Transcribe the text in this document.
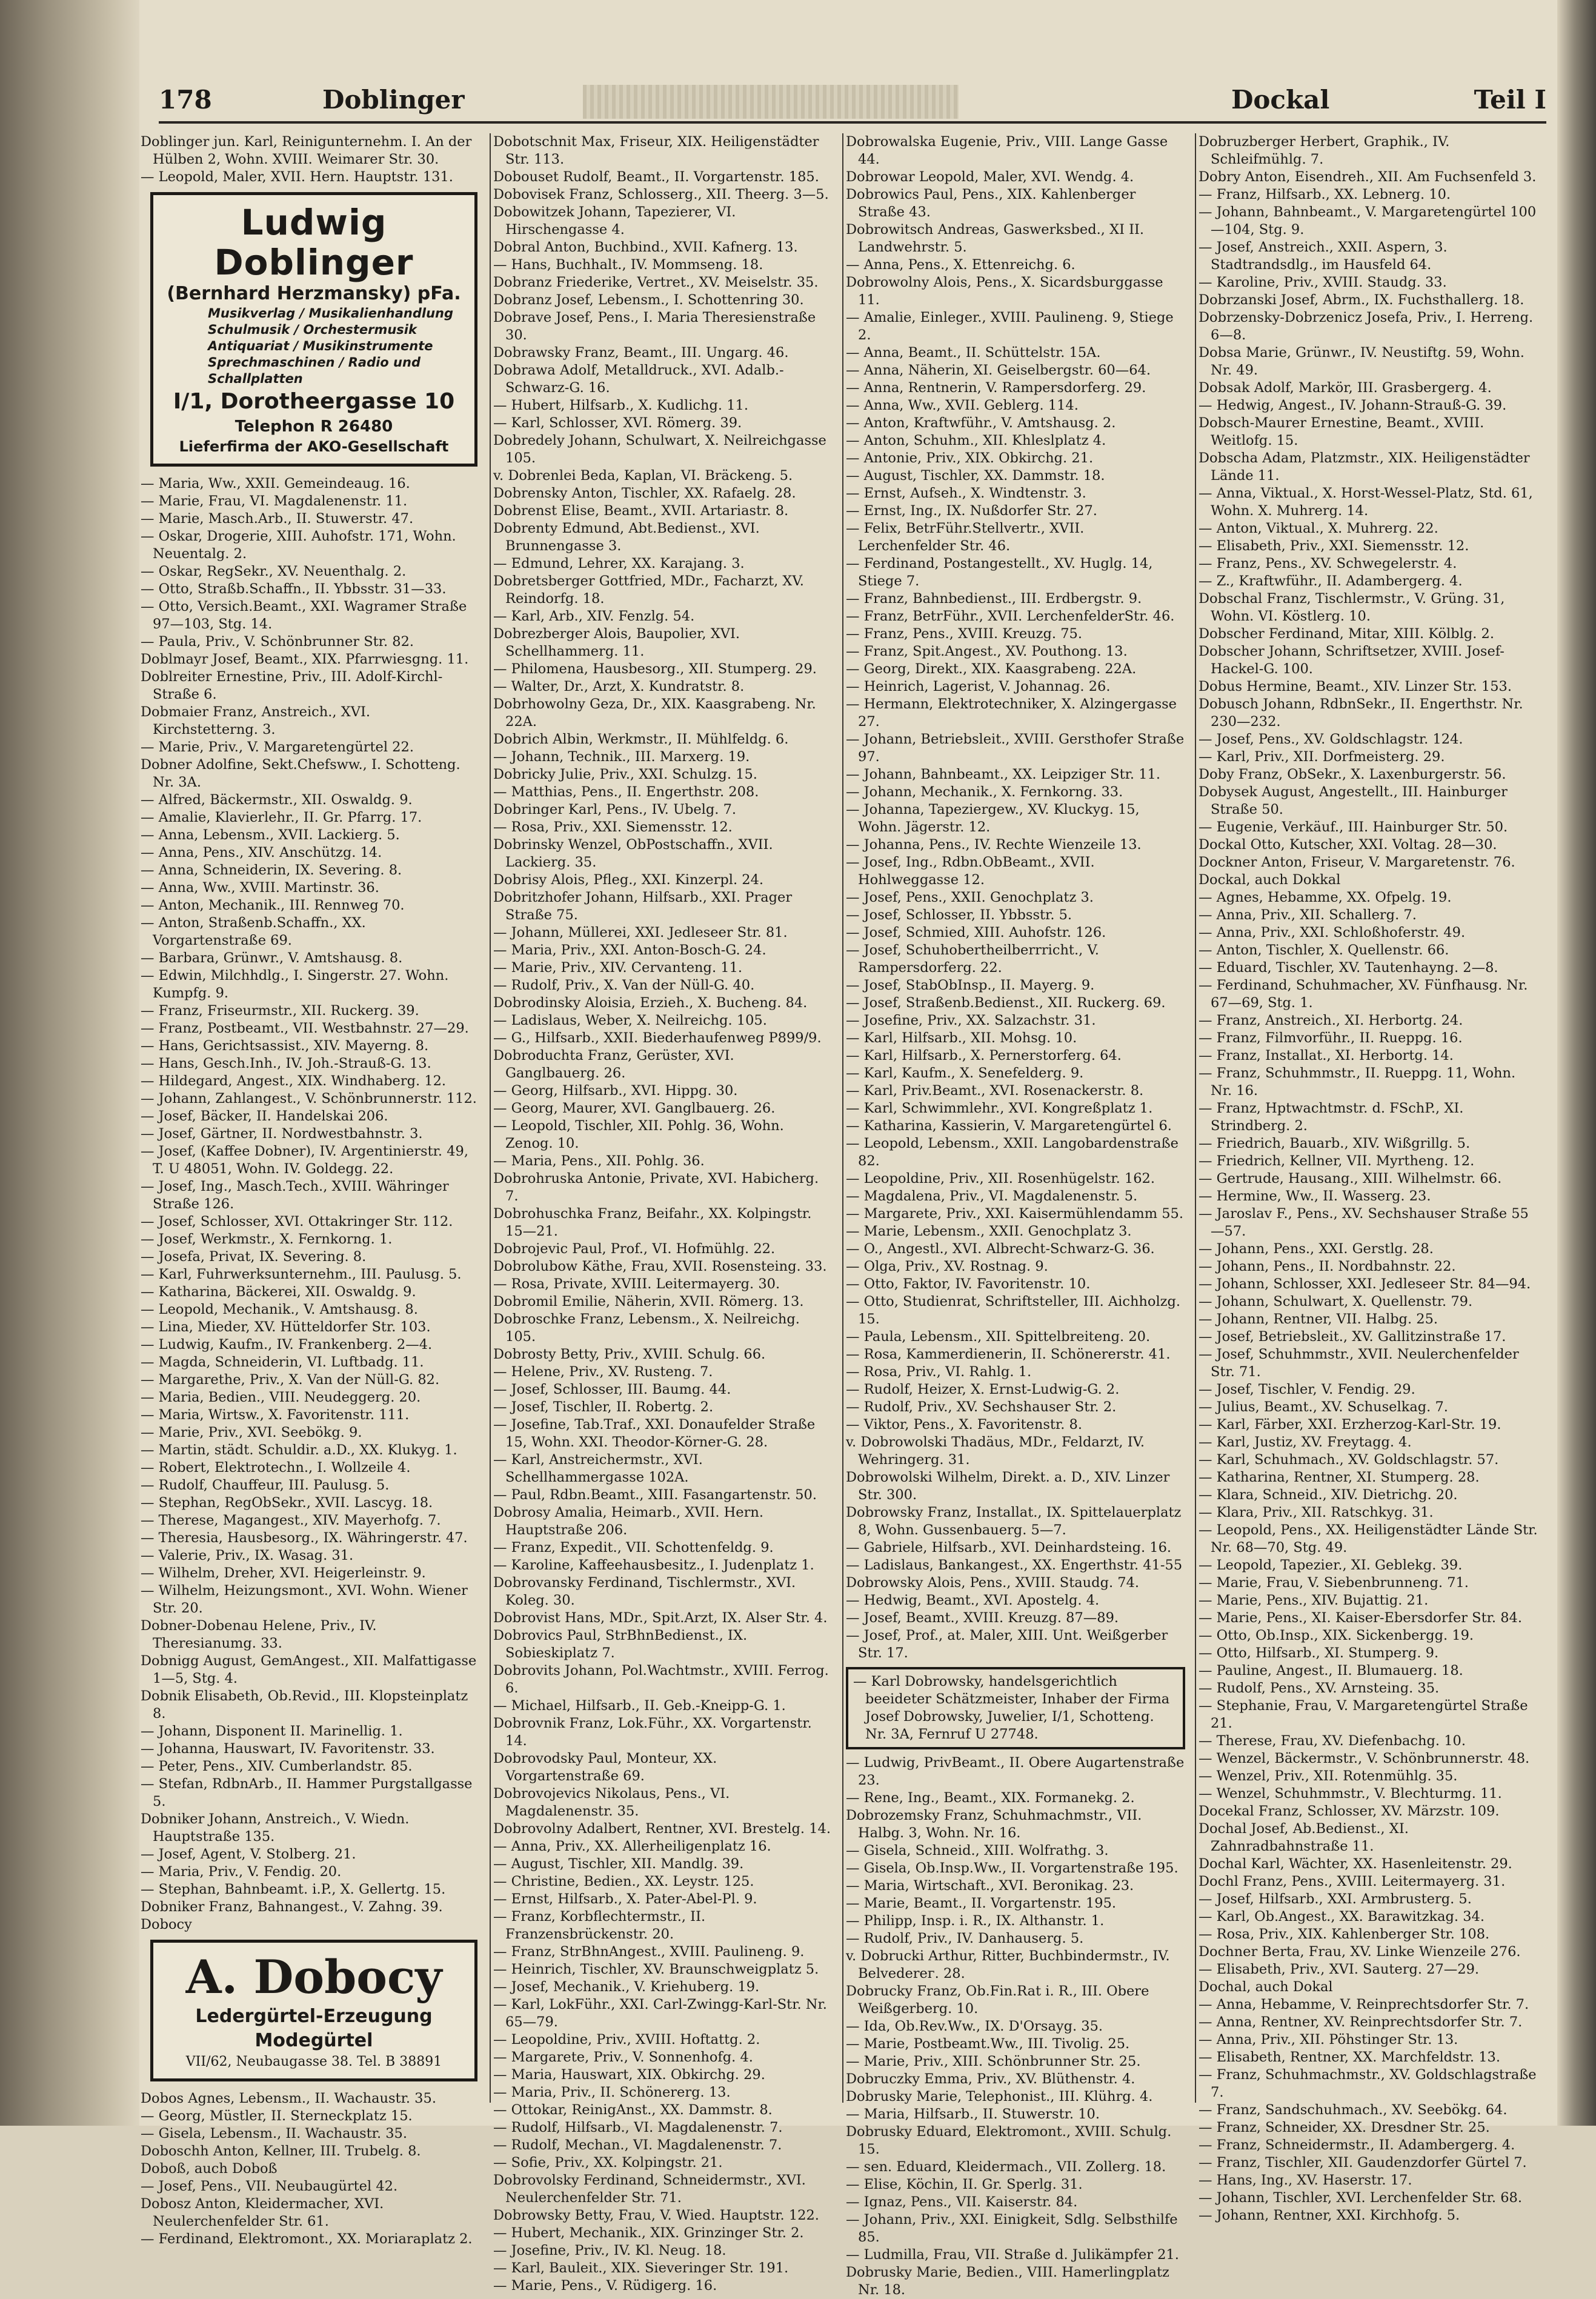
178	Doblinger	Dockal	Teil I

Doblinger jun. Karl, Reinigunternehm. I. An der Hülben 2, Wohn. XVIII. Weimarer Str. 30.

— Leopold, Maler, XVII. Hern. Hauptstr. 131.

Ludwig Doblinger
(Bernhard Herzmansky) pFa.
Musikverlag / Musikalienhandlung
Schulmusik / Orchestermusik
Antiquariat / Musikinstrumente
Sprechmaschinen / Radio und
Schallplatten
I/1, Dorotheergasse 10
Telephon R 26480
Lieferfirma der AKO-Gesellschaft

— Maria, Ww., XXII. Gemeindeaug. 16.

— Marie, Frau, VI. Magdalenenstr. 11.

— Marie, Masch.Arb., II. Stuwerstr. 47.

— Oskar, Drogerie, XIII. Auhofstr. 171, Wohn. Neuentalg. 2.

— Oskar, RegSekr., XV. Neuenthalg. 2.

— Otto, Straßb.Schaffn., II. Ybbsstr. 31—33.

— Otto, Versich.Beamt., XXI. Wagramer Straße 97—103, Stg. 14.

— Paula, Priv., V. Schönbrunner Str. 82.

Doblmayr Josef, Beamt., XIX. Pfarrwiesgng. 11.

Doblreiter Ernestine, Priv., III. Adolf-Kirchl-Straße 6.

Dobmaier Franz, Anstreich., XVI. Kirchstetterng. 3.

— Marie, Priv., V. Margaretengürtel 22.

Dobner Adolfine, Sekt.Chefsww., I. Schotteng. Nr. 3A.

— Alfred, Bäckermstr., XII. Oswaldg. 9.

— Amalie, Klavierlehr., II. Gr. Pfarrg. 17.

— Anna, Lebensm., XVII. Lackierg. 5.

— Anna, Pens., XIV. Anschützg. 14.

— Anna, Schneiderin, IX. Severing. 8.

— Anna, Ww., XVIII. Martinstr. 36.

— Anton, Mechanik., III. Rennweg 70.

— Anton, Straßenb.Schaffn., XX. Vorgartenstraße 69.

— Barbara, Grünwr., V. Amtshausg. 8.

— Edwin, Milchhdlg., I. Singerstr. 27. Wohn. Kumpfg. 9.

— Franz, Friseurmstr., XII. Ruckerg. 39.

— Franz, Postbeamt., VII. Westbahnstr. 27—29.

— Hans, Gerichtsassist., XIV. Mayerng. 8.

— Hans, Gesch.Inh., IV. Joh.-Strauß-G. 13.

— Hildegard, Angest., XIX. Windhaberg. 12.

— Johann, Zahlangest., V. Schönbrunnerstr. 112.

— Josef, Bäcker, II. Handelskai 206.

— Josef, Gärtner, II. Nordwestbahnstr. 3.

— Josef, (Kaffee Dobner), IV. Argentinierstr. 49, T. U 48051, Wohn. IV. Goldegg. 22.

— Josef, Ing., Masch.Tech., XVIII. Währinger Straße 126.

— Josef, Schlosser, XVI. Ottakringer Str. 112.

— Josef, Werkmstr., X. Fernkorng. 1.

— Josefa, Privat, IX. Severing. 8.

— Karl, Fuhrwerksunternehm., III. Paulusg. 5.

— Katharina, Bäckerei, XII. Oswaldg. 9.

— Leopold, Mechanik., V. Amtshausg. 8.

— Lina, Mieder, XV. Hütteldorfer Str. 103.

— Ludwig, Kaufm., IV. Frankenberg. 2—4.

— Magda, Schneiderin, VI. Luftbadg. 11.

— Margarethe, Priv., X. Van der Nüll-G. 82.

— Maria, Bedien., VIII. Neudeggerg. 20.

— Maria, Wirtsw., X. Favoritenstr. 111.

— Marie, Priv., XVI. Seebökg. 9.

— Martin, städt. Schuldir. a.D., XX. Klukyg. 1.

— Robert, Elektrotechn., I. Wollzeile 4.

— Rudolf, Chauffeur, III. Paulusg. 5.

— Stephan, RegObSekr., XVII. Lascyg. 18.

— Therese, Magangest., XIV. Mayerhofg. 7.

— Theresia, Hausbesorg., IX. Währingerstr. 47.

— Valerie, Priv., IX. Wasag. 31.

— Wilhelm, Dreher, XVI. Heigerleinstr. 9.

— Wilhelm, Heizungsmont., XVI. Wohn. Wiener Str. 20.

Dobner-Dobenau Helene, Priv., IV. Theresianumg. 33.

Dobnigg August, GemAngest., XII. Malfattigasse 1—5, Stg. 4.

Dobnik Elisabeth, Ob.Revid., III. Klopsteinplatz 8.

— Johann, Disponent II. Marinellig. 1.

— Johanna, Hauswart, IV. Favoritenstr. 33.

— Peter, Pens., XIV. Cumberlandstr. 85.

— Stefan, RdbnArb., II. Hammer Purgstallgasse 5.

Dobniker Johann, Anstreich., V. Wiedn. Hauptstraße 135.

— Josef, Agent, V. Stolberg. 21.

— Maria, Priv., V. Fendig. 20.

— Stephan, Bahnbeamt. i.P., X. Gellertg. 15.

Dobniker Franz, Bahnangest., V. Zahng. 39.

Dobocy

A. Dobocy
Ledergürtel-Erzeugung
Modegürtel
VII/62, Neubaugasse 38. Tel. B 38891

Dobos Agnes, Lebensm., II. Wachaustr. 35.

— Georg, Müstler, II. Sterneckplatz 15.

— Gisela, Lebensm., II. Wachaustr. 35.

Doboschh Anton, Kellner, III. Trubelg. 8.

Doboß, auch Doboß

— Josef, Pens., VII. Neubaugürtel 42.

Dobosz Anton, Kleidermacher, XVI. Neulerchenfelder Str. 61.

— Ferdinand, Elektromont., XX. Moriaraplatz 2.

Dobotschnit Max, Friseur, XIX. Heiligenstädter Str. 113.

Dobouset Rudolf, Beamt., II. Vorgartenstr. 185.

Dobovisek Franz, Schlosserg., XII. Theerg. 3—5.

Dobowitzek Johann, Tapezierer, VI. Hirschengasse 4.

Dobral Anton, Buchbind., XVII. Kafnerg. 13.

— Hans, Buchhalt., IV. Mommseng. 18.

Dobranz Friederike, Vertret., XV. Meiselstr. 35.

Dobranz Josef, Lebensm., I. Schottenring 30.

Dobrave Josef, Pens., I. Maria Theresienstraße 30.

Dobrawsky Franz, Beamt., III. Ungarg. 46.

Dobrawa Adolf, Metalldruck., XVI. Adalb.-Schwarz-G. 16.

— Hubert, Hilfsarb., X. Kudlichg. 11.

— Karl, Schlosser, XVI. Römerg. 39.

Dobredely Johann, Schulwart, X. Neilreichgasse 105.

v. Dobrenlei Beda, Kaplan, VI. Bräckeng. 5.

Dobrensky Anton, Tischler, XX. Rafaelg. 28.

Dobrenst Elise, Beamt., XVII. Artariastr. 8.

Dobrenty Edmund, Abt.Bedienst., XVI. Brunnengasse 3.

— Edmund, Lehrer, XX. Karajang. 3.

Dobretsberger Gottfried, MDr., Facharzt, XV. Reindorfg. 18.

— Karl, Arb., XIV. Fenzlg. 54.

Dobrezberger Alois, Baupolier, XVI. Schellhammerg. 11.

— Philomena, Hausbesorg., XII. Stumperg. 29.

— Walter, Dr., Arzt, X. Kundratstr. 8.

Dobrhowolny Geza, Dr., XIX. Kaasgrabeng. Nr. 22A.

Dobrich Albin, Werkmstr., II. Mühlfeldg. 6.

— Johann, Technik., III. Marxerg. 19.

Dobricky Julie, Priv., XXI. Schulzg. 15.

— Matthias, Pens., II. Engerthstr. 208.

Dobringer Karl, Pens., IV. Ubelg. 7.

— Rosa, Priv., XXI. Siemensstr. 12.

Dobrinsky Wenzel, ObPostschaffn., XVII. Lackierg. 35.

Dobrisy Alois, Pfleg., XXI. Kinzerpl. 24.

Dobritzhofer Johann, Hilfsarb., XXI. Prager Straße 75.

— Johann, Müllerei, XXI. Jedleseer Str. 81.

— Maria, Priv., XXI. Anton-Bosch-G. 24.

— Marie, Priv., XIV. Cervanteng. 11.

— Rudolf, Priv., X. Van der Nüll-G. 40.

Dobrodinsky Aloisia, Erzieh., X. Bucheng. 84.

— Ladislaus, Weber, X. Neilreichg. 105.

— G., Hilfsarb., XXII. Biederhaufenweg P899/9.

Dobroduchta Franz, Gerüster, XVI. Ganglbauerg. 26.

— Georg, Hilfsarb., XVI. Hippg. 30.

— Georg, Maurer, XVI. Ganglbauerg. 26.

— Leopold, Tischler, XII. Pohlg. 36, Wohn. Zenog. 10.

— Maria, Pens., XII. Pohlg. 36.

Dobrohruska Antonie, Private, XVI. Habicherg. 7.

Dobrohuschka Franz, Beifahr., XX. Kolpingstr. 15—21.

Dobrojevic Paul, Prof., VI. Hofmühlg. 22.

Dobrolubow Käthe, Frau, XVII. Rosensteing. 33.

— Rosa, Private, XVIII. Leitermayerg. 30.

Dobromil Emilie, Näherin, XVII. Römerg. 13.

Dobroschke Franz, Lebensm., X. Neilreichg. 105.

Dobrosty Betty, Priv., XVIII. Schulg. 66.

— Helene, Priv., XV. Rusteng. 7.

— Josef, Schlosser, III. Baumg. 44.

— Josef, Tischler, II. Robertg. 2.

— Josefine, Tab.Traf., XXI. Donaufelder Straße 15, Wohn. XXI. Theodor-Körner-G. 28.

— Karl, Anstreichermstr., XVI. Schellhammergasse 102A.

— Paul, Rdbn.Beamt., XIII. Fasangartenstr. 50.

Dobrosy Amalia, Heimarb., XVII. Hern. Hauptstraße 206.

— Franz, Expedit., VII. Schottenfeldg. 9.

— Karoline, Kaffeehausbesitz., I. Judenplatz 1.

Dobrovansky Ferdinand, Tischlermstr., XVI. Koleg. 30.

Dobrovist Hans, MDr., Spit.Arzt, IX. Alser Str. 4.

Dobrovics Paul, StrBhnBedienst., IX. Sobieskiplatz 7.

Dobrovits Johann, Pol.Wachtmstr., XVIII. Ferrog. 6.

— Michael, Hilfsarb., II. Geb.-Kneipp-G. 1.

Dobrovnik Franz, Lok.Führ., XX. Vorgartenstr. 14.

Dobrovodsky Paul, Monteur, XX. Vorgartenstraße 69.

Dobrovojevics Nikolaus, Pens., VI. Magdalenenstr. 35.

Dobrovolny Adalbert, Rentner, XVI. Brestelg. 14.

— Anna, Priv., XX. Allerheiligenplatz 16.

— August, Tischler, XII. Mandlg. 39.

— Christine, Bedien., XX. Leystr. 125.

— Ernst, Hilfsarb., X. Pater-Abel-Pl. 9.

— Franz, Korbflechtermstr., II. Franzensbrückenstr. 20.

— Franz, StrBhnAngest., XVIII. Paulineng. 9.

— Heinrich, Tischler, XV. Braunschweigplatz 5.

— Josef, Mechanik., V. Kriehuberg. 19.

— Karl, LokFühr., XXI. Carl-Zwingg-Karl-Str. Nr. 65—79.

— Leopoldine, Priv., XVIII. Hoftattg. 2.

— Margarete, Priv., V. Sonnenhofg. 4.

— Maria, Hauswart, XIX. Obkirchg. 29.

— Maria, Priv., II. Schönererg. 13.

— Ottokar, ReinigAnst., XX. Dammstr. 8.

— Rudolf, Hilfsarb., VI. Magdalenenstr. 7.

— Rudolf, Mechan., VI. Magdalenenstr. 7.

— Sofie, Priv., XX. Kolpingstr. 21.

Dobrovolsky Ferdinand, Schneidermstr., XVI. Neulerchenfelder Str. 71.

Dobrowsky Betty, Frau, V. Wied. Hauptstr. 122.

— Hubert, Mechanik., XIX. Grinzinger Str. 2.

— Josefine, Priv., IV. Kl. Neug. 18.

— Karl, Bauleit., XIX. Sieveringer Str. 191.

— Marie, Pens., V. Rüdigerg. 16.

Dobrowalska Eugenie, Priv., VIII. Lange Gasse 44.

Dobrowar Leopold, Maler, XVI. Wendg. 4.

Dobrowics Paul, Pens., XIX. Kahlenberger Straße 43.

Dobrowitsch Andreas, Gaswerksbed., XI II. Landwehrstr. 5.

— Anna, Pens., X. Ettenreichg. 6.

Dobrowolny Alois, Pens., X. Sicardsburggasse 11.

— Amalie, Einleger., XVIII. Paulineng. 9, Stiege 2.

— Anna, Beamt., II. Schüttelstr. 15A.

— Anna, Näherin, XI. Geiselbergstr. 60—64.

— Anna, Rentnerin, V. Rampersdorferg. 29.

— Anna, Ww., XVII. Geblerg. 114.

— Anton, Kraftwführ., V. Amtshausg. 2.

— Anton, Schuhm., XII. Khleslplatz 4.

— Antonie, Priv., XIX. Obkirchg. 21.

— August, Tischler, XX. Dammstr. 18.

— Ernst, Aufseh., X. Windtenstr. 3.

— Ernst, Ing., IX. Nußdorfer Str. 27.

— Felix, BetrFühr.Stellvertr., XVII. Lerchenfelder Str. 46.

— Ferdinand, Postangestellt., XV. Huglg. 14, Stiege 7.

— Franz, Bahnbedienst., III. Erdbergstr. 9.

— Franz, BetrFühr., XVII. LerchenfelderStr. 46.

— Franz, Pens., XVIII. Kreuzg. 75.

— Franz, Spit.Angest., XV. Pouthong. 13.

— Georg, Direkt., XIX. Kaasgrabeng. 22A.

— Heinrich, Lagerist, V. Johannag. 26.

— Hermann, Elektrotechniker, X. Alzingergasse 27.

— Johann, Betriebsleit., XVIII. Gersthofer Straße 97.

— Johann, Bahnbeamt., XX. Leipziger Str. 11.

— Johann, Mechanik., X. Fernkorng. 33.

— Johanna, Tapeziergew., XV. Kluckyg. 15, Wohn. Jägerstr. 12.

— Johanna, Pens., IV. Rechte Wienzeile 13.

— Josef, Ing., Rdbn.ObBeamt., XVII. Hohlweggasse 12.

— Josef, Pens., XXII. Genochplatz 3.

— Josef, Schlosser, II. Ybbsstr. 5.

— Josef, Schmied, XIII. Auhofstr. 126.

— Josef, Schuhobertheilberrricht., V. Rampersdorferg. 22.

— Josef, StabObInsp., II. Mayerg. 9.

— Josef, Straßenb.Bedienst., XII. Ruckerg. 69.

— Josefine, Priv., XX. Salzachstr. 31.

— Karl, Hilfsarb., XII. Mohsg. 10.

— Karl, Hilfsarb., X. Pernerstorferg. 64.

— Karl, Kaufm., X. Senefelderg. 9.

— Karl, Priv.Beamt., XVI. Rosenackerstr. 8.

— Karl, Schwimmlehr., XVI. Kongreßplatz 1.

— Katharina, Kassierin, V. Margaretengürtel 6.

— Leopold, Lebensm., XXII. Langobardenstraße 82.

— Leopoldine, Priv., XII. Rosenhügelstr. 162.

— Magdalena, Priv., VI. Magdalenenstr. 5.

— Margarete, Priv., XXI. Kaisermühlendamm 55.

— Marie, Lebensm., XXII. Genochplatz 3.

— O., Angestl., XVI. Albrecht-Schwarz-G. 36.

— Olga, Priv., XV. Rostnag. 9.

— Otto, Faktor, IV. Favoritenstr. 10.

— Otto, Studienrat, Schriftsteller, III. Aichholzg. 15.

— Paula, Lebensm., XII. Spittelbreiteng. 20.

— Rosa, Kammerdienerin, II. Schönererstr. 41.

— Rosa, Priv., VI. Rahlg. 1.

— Rudolf, Heizer, X. Ernst-Ludwig-G. 2.

— Rudolf, Priv., XV. Sechshauser Str. 2.

— Viktor, Pens., X. Favoritenstr. 8.

v. Dobrowolski Thadäus, MDr., Feldarzt, IV. Wehringerg. 31.

Dobrowolski Wilhelm, Direkt. a. D., XIV. Linzer Str. 300.

Dobrowsky Franz, Installat., IX. Spittelauerplatz 8, Wohn. Gussenbauerg. 5—7.

— Gabriele, Hilfsarb., XVI. Deinhardsteing. 16.

— Ladislaus, Bankangest., XX. Engerthstr. 41-55

Dobrowsky Alois, Pens., XVIII. Staudg. 74.

— Hedwig, Beamt., XVI. Apostelg. 4.

— Josef, Beamt., XVIII. Kreuzg. 87—89.

— Josef, Prof., at. Maler, XIII. Unt. Weißgerber Str. 17.

— Karl Dobrowsky, handelsgerichtlich beeideter Schätzmeister, Inhaber der Firma Josef Dobrowsky, Juwelier, I/1, Schotteng. Nr. 3A, Fernruf U 27748.

— Ludwig, PrivBeamt., II. Obere Augartenstraße 23.

— Rene, Ing., Beamt., XIX. Formanekg. 2.

Dobrozemsky Franz, Schuhmachmstr., VII. Halbg. 3, Wohn. Nr. 16.

— Gisela, Schneid., XIII. Wolfrathg. 3.

— Gisela, Ob.Insp.Ww., II. Vorgartenstraße 195.

— Maria, Wirtschaft., XVI. Beronikag. 23.

— Marie, Beamt., II. Vorgartenstr. 195.

— Philipp, Insp. i. R., IX. Althanstr. 1.

— Rudolf, Priv., IV. Danhauserg. 5.

v. Dobrucki Arthur, Ritter, Buchbindermstr., IV. Belvederег. 28.

Dobrucky Franz, Ob.Fin.Rat i. R., III. Obere Weißgerberg. 10.

— Ida, Ob.Rev.Ww., IX. D'Orsayg. 35.

— Marie, Postbeamt.Ww., III. Tivolig. 25.

— Marie, Priv., XIII. Schönbrunner Str. 25.

Dobruczky Emma, Priv., XV. Blüthenstr. 4.

Dobrusky Marie, Telephonist., III. Klührg. 4.

— Maria, Hilfsarb., II. Stuwerstr. 10.

Dobrusky Eduard, Elektromont., XVIII. Schulg. 15.

— sen. Eduard, Kleidermach., VII. Zollerg. 18.

— Elise, Köchin, II. Gr. Sperlg. 31.

— Ignaz, Pens., VII. Kaiserstr. 84.

— Johann, Priv., XXI. Einigkeit, Sdlg. Selbsthilfe 85.

— Ludmilla, Frau, VII. Straße d. Julikämpfer 21.

Dobrusky Marie, Bedien., VIII. Hamerlingplatz Nr. 18.

Dobruzberger Herbert, Graphik., IV. Schleifmühlg. 7.

Dobry Anton, Eisendreh., XII. Am Fuchsenfeld 3.

— Franz, Hilfsarb., XX. Lebnerg. 10.

— Johann, Bahnbeamt., V. Margaretengürtel 100—104, Stg. 9.

— Josef, Anstreich., XXII. Aspern, 3. Stadtrandsdlg., im Hausfeld 64.

— Karoline, Priv., XVIII. Staudg. 33.

Dobrzanski Josef, Abrm., IX. Fuchsthallerg. 18.

Dobrzensky-Dobrzenicz Josefa, Priv., I. Herreng. 6—8.

Dobsa Marie, Grünwr., IV. Neustiftg. 59, Wohn. Nr. 49.

Dobsak Adolf, Markör, III. Grasbergerg. 4.

— Hedwig, Angest., IV. Johann-Strauß-G. 39.

Dobsch-Maurer Ernestine, Beamt., XVIII. Weitlofg. 15.

Dobscha Adam, Platzmstr., XIX. Heiligenstädter Lände 11.

— Anna, Viktual., X. Horst-Wessel-Platz, Std. 61, Wohn. X. Muhrerg. 14.

— Anton, Viktual., X. Muhrerg. 22.

— Elisabeth, Priv., XXI. Siemensstr. 12.

— Franz, Pens., XV. Schwegelerstr. 4.

— Z., Kraftwführ., II. Adambergerg. 4.

Dobschal Franz, Tischlermstr., V. Grüng. 31, Wohn. VI. Köstlerg. 10.

Dobscher Ferdinand, Mitar, XIII. Kölblg. 2.

Dobscher Johann, Schriftsetzer, XVIII. Josef-Hackel-G. 100.

Dobus Hermine, Beamt., XIV. Linzer Str. 153.

Dobusch Johann, RdbnSekr., II. Engerthstr. Nr. 230—232.

— Josef, Pens., XV. Goldschlagstr. 124.

— Karl, Priv., XII. Dorfmeisterg. 29.

Doby Franz, ObSekr., X. Laxenburgerstr. 56.

Dobysek August, Angestellt., III. Hainburger Straße 50.

— Eugenie, Verkäuf., III. Hainburger Str. 50.

Dockal Otto, Kutscher, XXI. Voltag. 28—30.

Dockner Anton, Friseur, V. Margaretenstr. 76.

Dockal, auch Dokkal

— Agnes, Hebamme, XX. Ofpelg. 19.

— Anna, Priv., XII. Schallerg. 7.

— Anna, Priv., XXI. Schloßhoferstr. 49.

— Anton, Tischler, X. Quellenstr. 66.

— Eduard, Tischler, XV. Tautenhayng. 2—8.

— Ferdinand, Schuhmacher, XV. Fünfhausg. Nr. 67—69, Stg. 1.

— Franz, Anstreich., XI. Herbortg. 24.

— Franz, Filmvorführ., II. Rueppg. 16.

— Franz, Installat., XI. Herbortg. 14.

— Franz, Schuhmmstr., II. Rueppg. 11, Wohn. Nr. 16.

— Franz, Hptwachtmstr. d. FSchP., XI. Strindberg. 2.

— Friedrich, Bauarb., XIV. Wißgrillg. 5.

— Friedrich, Kellner, VII. Myrtheng. 12.

— Gertrude, Hausang., XIII. Wilhelmstr. 66.

— Hermine, Ww., II. Wasserg. 23.

— Jaroslav F., Pens., XV. Sechshauser Straße 55—57.

— Johann, Pens., XXI. Gerstlg. 28.

— Johann, Pens., II. Nordbahnstr. 22.

— Johann, Schlosser, XXI. Jedleseer Str. 84—94.

— Johann, Schulwart, X. Quellenstr. 79.

— Johann, Rentner, VII. Halbg. 25.

— Josef, Betriebsleit., XV. Gallitzinstraße 17.

— Josef, Schuhmmstr., XVII. Neulerchenfelder Str. 71.

— Josef, Tischler, V. Fendig. 29.

— Julius, Beamt., XV. Schuselkag. 7.

— Karl, Färber, XXI. Erzherzog-Karl-Str. 19.

— Karl, Justiz, XV. Freytagg. 4.

— Karl, Schuhmach., XV. Goldschlagstr. 57.

— Katharina, Rentner, XI. Stumperg. 28.

— Klara, Schneid., XIV. Dietrichg. 20.

— Klara, Priv., XII. Ratschkyg. 31.

— Leopold, Pens., XX. Heiligenstädter Lände Str. Nr. 68—70, Stg. 49.

— Leopold, Tapezier., XI. Geblekg. 39.

— Marie, Frau, V. Siebenbrunneng. 71.

— Marie, Pens., XIV. Bujattig. 21.

— Marie, Pens., XI. Kaiser-Ebersdorfer Str. 84.

— Otto, Ob.Insp., XIX. Sickenbergg. 19.

— Otto, Hilfsarb., XI. Stumperg. 9.

— Pauline, Angest., II. Blumauerg. 18.

— Rudolf, Pens., XV. Arnsteing. 35.

— Stephanie, Frau, V. Margaretengürtel Straße 21.

— Therese, Frau, XV. Diefenbachg. 10.

— Wenzel, Bäckermstr., V. Schönbrunnerstr. 48.

— Wenzel, Priv., XII. Rotenmühlg. 35.

— Wenzel, Schuhmmstr., V. Blechturmg. 11.

Docekal Franz, Schlosser, XV. Märzstr. 109.

Dochal Josef, Ab.Bedienst., XI. Zahnradbahnstraße 11.

Dochal Karl, Wächter, XX. Hasenleitenstr. 29.

Dochl Franz, Pens., XVIII. Leitermayerg. 31.

— Josef, Hilfsarb., XXI. Armbrusterg. 5.

— Karl, Ob.Angest., XX. Barawitzkag. 34.

— Rosa, Priv., XIX. Kahlenberger Str. 108.

Dochner Berta, Frau, XV. Linke Wienzeile 276.

— Elisabeth, Priv., XVI. Sauterg. 27—29.

Dochal, auch Dokal

— Anna, Hebamme, V. Reinprechtsdorfer Str. 7.

— Anna, Rentner, XV. Reinprechtsdorfer Str. 7.

— Anna, Priv., XII. Pöhstinger Str. 13.

— Elisabeth, Rentner, XX. Marchfeldstr. 13.

— Franz, Schuhmachmstr., XV. Goldschlagstraße 7.

— Franz, Sandschuhmach., XV. Seebökg. 64.

— Franz, Schneider, XX. Dresdner Str. 25.

— Franz, Schneidermstr., II. Adambergerg. 4.

— Franz, Tischler, XII. Gaudenzdorfer Gürtel 7.

— Hans, Ing., XV. Haserstr. 17.

— Johann, Tischler, XVI. Lerchenfelder Str. 68.

— Johann, Rentner, XXI. Kirchhofg. 5.
